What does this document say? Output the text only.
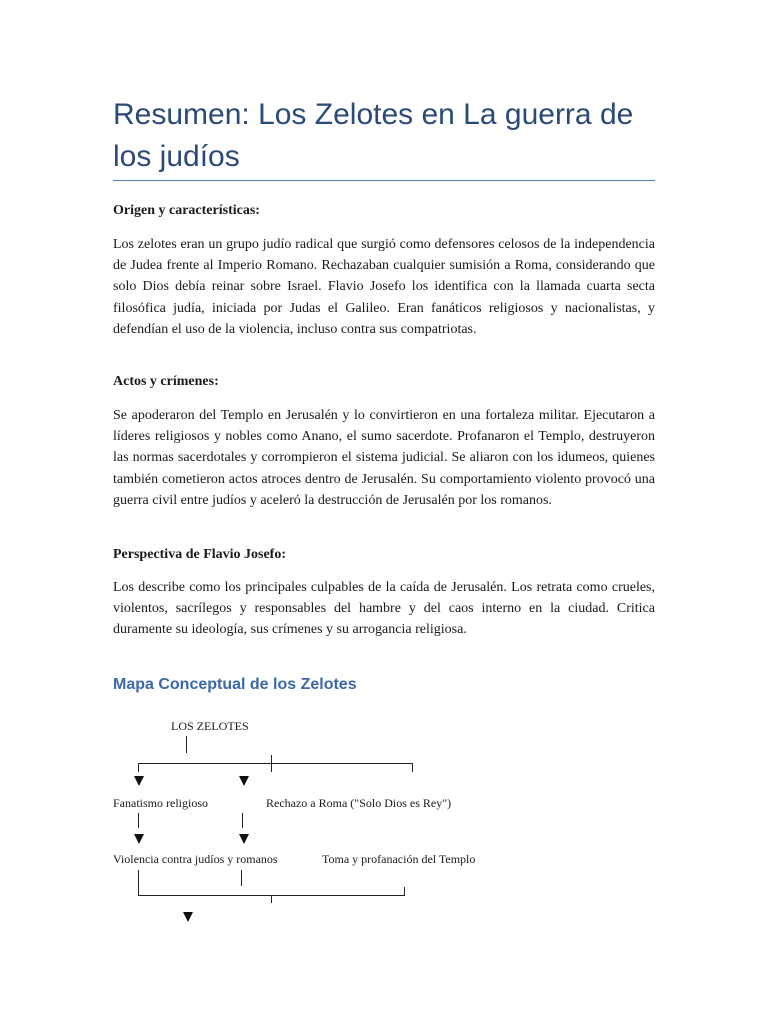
Resumen: Los Zelotes en La guerra de los judíos
Origen y características:

Los zelotes eran un grupo judío radical que surgió como defensores celosos de la independencia de Judea frente al Imperio Romano. Rechazaban cualquier sumisión a Roma, considerando que solo Dios debía reinar sobre Israel. Flavio Josefo los identifica con la llamada cuarta secta filosófica judía, iniciada por Judas el Galileo. Eran fanáticos religiosos y nacionalistas, y defendían el uso de la violencia, incluso contra sus compatriotas.

Actos y crímenes:

Se apoderaron del Templo en Jerusalén y lo convirtieron en una fortaleza militar. Ejecutaron a líderes religiosos y nobles como Anano, el sumo sacerdote. Profanaron el Templo, destruyeron las normas sacerdotales y corrompieron el sistema judicial. Se aliaron con los idumeos, quienes también cometieron actos atroces dentro de Jerusalén. Su comportamiento violento provocó una guerra civil entre judíos y aceleró la destrucción de Jerusalén por los romanos.

Perspectiva de Flavio Josefo:

Los describe como los principales culpables de la caída de Jerusalén. Los retrata como crueles, violentos, sacrílegos y responsables del hambre y del caos interno en la ciudad. Critica duramente su ideología, sus crímenes y su arrogancia religiosa.

Mapa Conceptual de los Zelotes
LOS ZELOTES
Fanatismo religioso	Rechazo a Roma ("Solo Dios es Rey")
Violencia contra judíos y romanos	Toma y profanación del Templo
